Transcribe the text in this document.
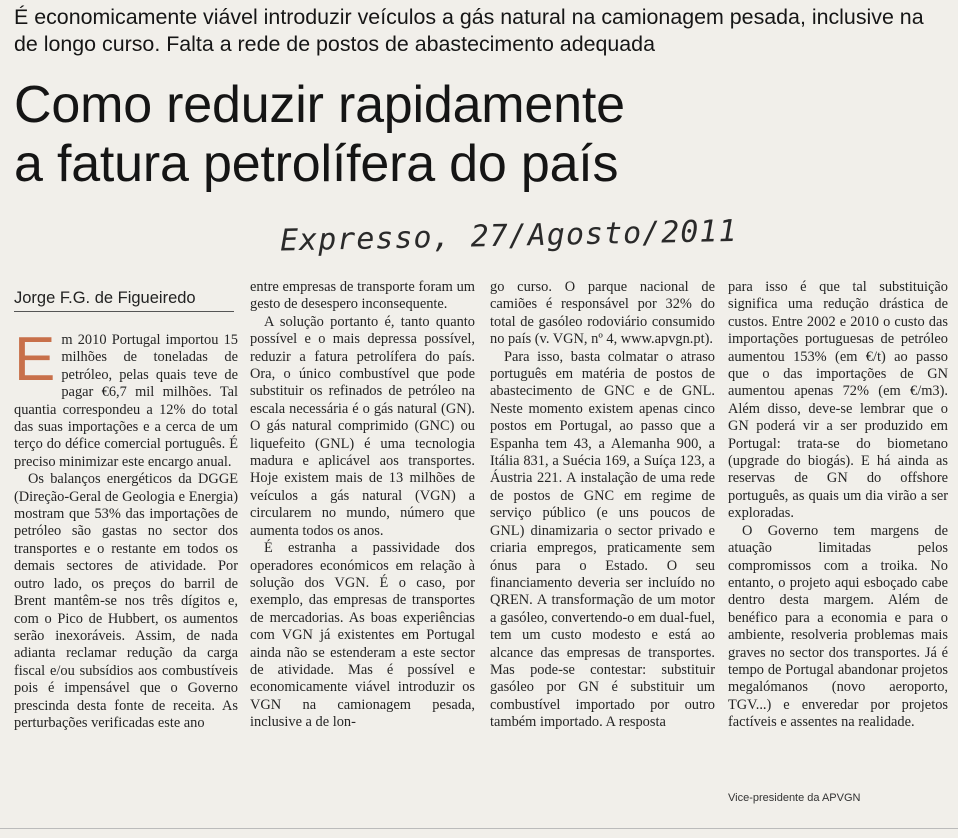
É economicamente viável introduzir veículos a gás natural na camionagem pesada, inclusive na de longo curso. Falta a rede de postos de abastecimento adequada
Como reduzir rapidamente
a fatura petrolífera do país
Expresso, 27/Agosto/2011
Jorge F.G. de Figueiredo

Em 2010 Portugal importou 15 milhões de toneladas de petróleo, pelas quais teve de pagar €6,7 mil milhões. Tal quantia correspondeu a 12% do total das suas importações e a cerca de um terço do défice comercial português. É preciso minimizar este encargo anual.

Os balanços energéticos da DGGE (Direção-Geral de Geologia e Energia) mostram que 53% das importações de petróleo são gastas no sector dos transportes e o restante em todos os demais sectores de atividade. Por outro lado, os preços do barril de Brent mantêm-se nos três dígitos e, com o Pico de Hubbert, os aumentos serão inexoráveis. Assim, de nada adianta reclamar redução da carga fiscal e/ou subsídios aos combustíveis pois é impensável que o Governo prescinda desta fonte de receita. As perturbações verificadas este ano

entre empresas de transporte foram um gesto de desespero inconsequente.

A solução portanto é, tanto quanto possível e o mais depressa possível, reduzir a fatura petrolífera do país. Ora, o único combustível que pode substituir os refinados de petróleo na escala necessária é o gás natural (GN). O gás natural comprimido (GNC) ou liquefeito (GNL) é uma tecnologia madura e aplicável aos transportes. Hoje existem mais de 13 milhões de veículos a gás natural (VGN) a circularem no mundo, número que aumenta todos os anos.

É estranha a passividade dos operadores económicos em relação à solução dos VGN. É o caso, por exemplo, das empresas de transportes de mercadorias. As boas experiências com VGN já existentes em Portugal ainda não se estenderam a este sector de atividade. Mas é possível e economicamente viável introduzir os VGN na camionagem pesada, inclusive a de lon-

go curso. O parque nacional de camiões é responsável por 32% do total de gasóleo rodoviário consumido no país (v. VGN, nº 4, www.apvgn.pt).

Para isso, basta colmatar o atraso português em matéria de postos de abastecimento de GNC e de GNL. Neste momento existem apenas cinco postos em Portugal, ao passo que a Espanha tem 43, a Alemanha 900, a Itália 831, a Suécia 169, a Suíça 123, a Áustria 221. A instalação de uma rede de postos de GNC em regime de serviço público (e uns poucos de GNL) dinamizaria o sector privado e criaria empregos, praticamente sem ónus para o Estado. O seu financiamento deveria ser incluído no QREN. A transformação de um motor a gasóleo, convertendo-o em dual-fuel, tem um custo modesto e está ao alcance das empresas de transportes. Mas pode-se contestar: substituir gasóleo por GN é substituir um combustível importado por outro também importado. A resposta

para isso é que tal substituição significa uma redução drástica de custos. Entre 2002 e 2010 o custo das importações portuguesas de petróleo aumentou 153% (em €/t) ao passo que o das importações de GN aumentou apenas 72% (em €/m3). Além disso, deve-se lembrar que o GN poderá vir a ser produzido em Portugal: trata-se do biometano (upgrade do biogás). E há ainda as reservas de GN do offshore português, as quais um dia virão a ser exploradas.

O Governo tem margens de atuação limitadas pelos compromissos com a troika. No entanto, o projeto aqui esboçado cabe dentro desta margem. Além de benéfico para a economia e para o ambiente, resolveria problemas mais graves no sector dos transportes. Já é tempo de Portugal abandonar projetos megalómanos (novo aeroporto, TGV...) e enveredar por projetos factíveis e assentes na realidade.

Vice-presidente da APVGN
